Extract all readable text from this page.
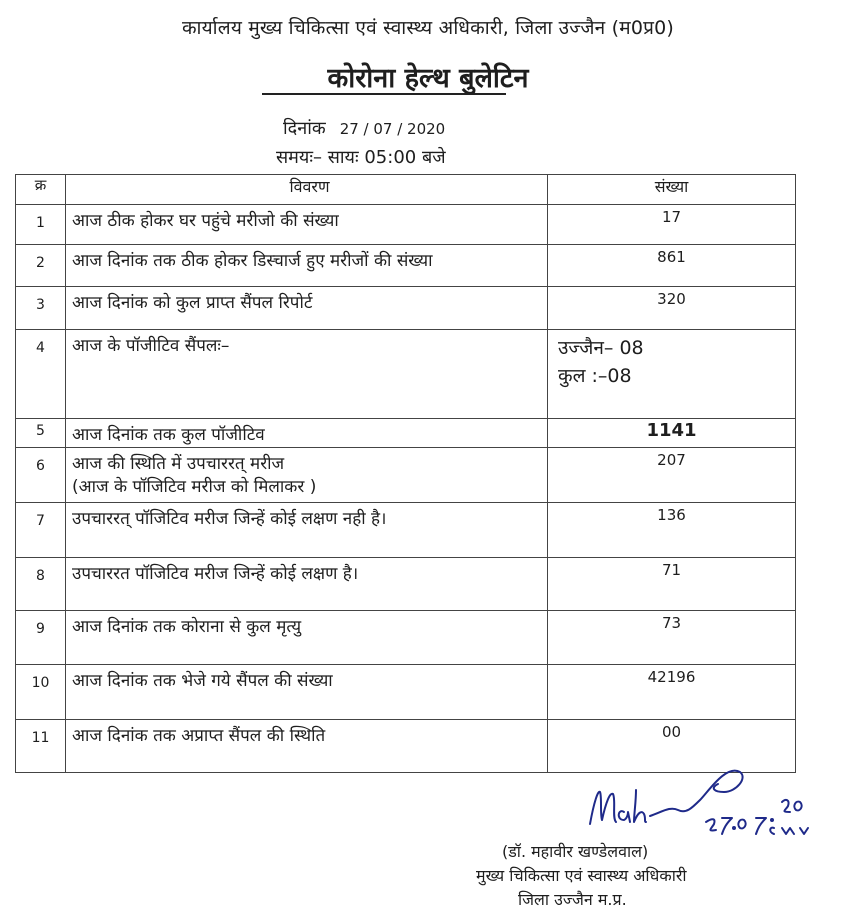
कार्यालय मुख्य चिकित्सा एवं स्वास्थ्य अधिकारी, जिला उज्जैन (म0प्र0)
कोरोना हेल्थ बुलेटिन
दिनांक 27 / 07 / 2020
समयः– सायः 05:00 बजे
क्र	विवरण	संख्या

1	आज ठीक होकर घर पहुंचे मरीजो की संख्या	17

2	आज दिनांक तक ठीक होकर डिस्चार्ज हुए मरीजों की संख्या	861

3	आज दिनांक को कुल प्राप्त सैंपल रिपोर्ट	320

4	आज के पॉजीटिव सैंपलः–	उज्जैन– 08
कुल :–08

5	आज दिनांक तक कुल पॉजीटिव	1141

6	आज की स्थिति में उपचाररत् मरीज
(आज के पॉजिटिव मरीज को मिलाकर )	207

7	उपचाररत् पॉजिटिव मरीज जिन्हें कोई लक्षण नही है।	136

8	उपचाररत पॉजिटिव मरीज जिन्हें कोई लक्षण है।	71

9	आज दिनांक तक कोराना से कुल मृत्यु	73

10	आज दिनांक तक भेजे गये सैंपल की संख्या	42196

11	आज दिनांक तक अप्राप्त सैंपल की स्थिति	00
(डॉ. महावीर खण्डेलवाल)
मुख्य चिकित्सा एवं स्वास्थ्य अधिकारी
जिला उज्जैन म.प्र.
